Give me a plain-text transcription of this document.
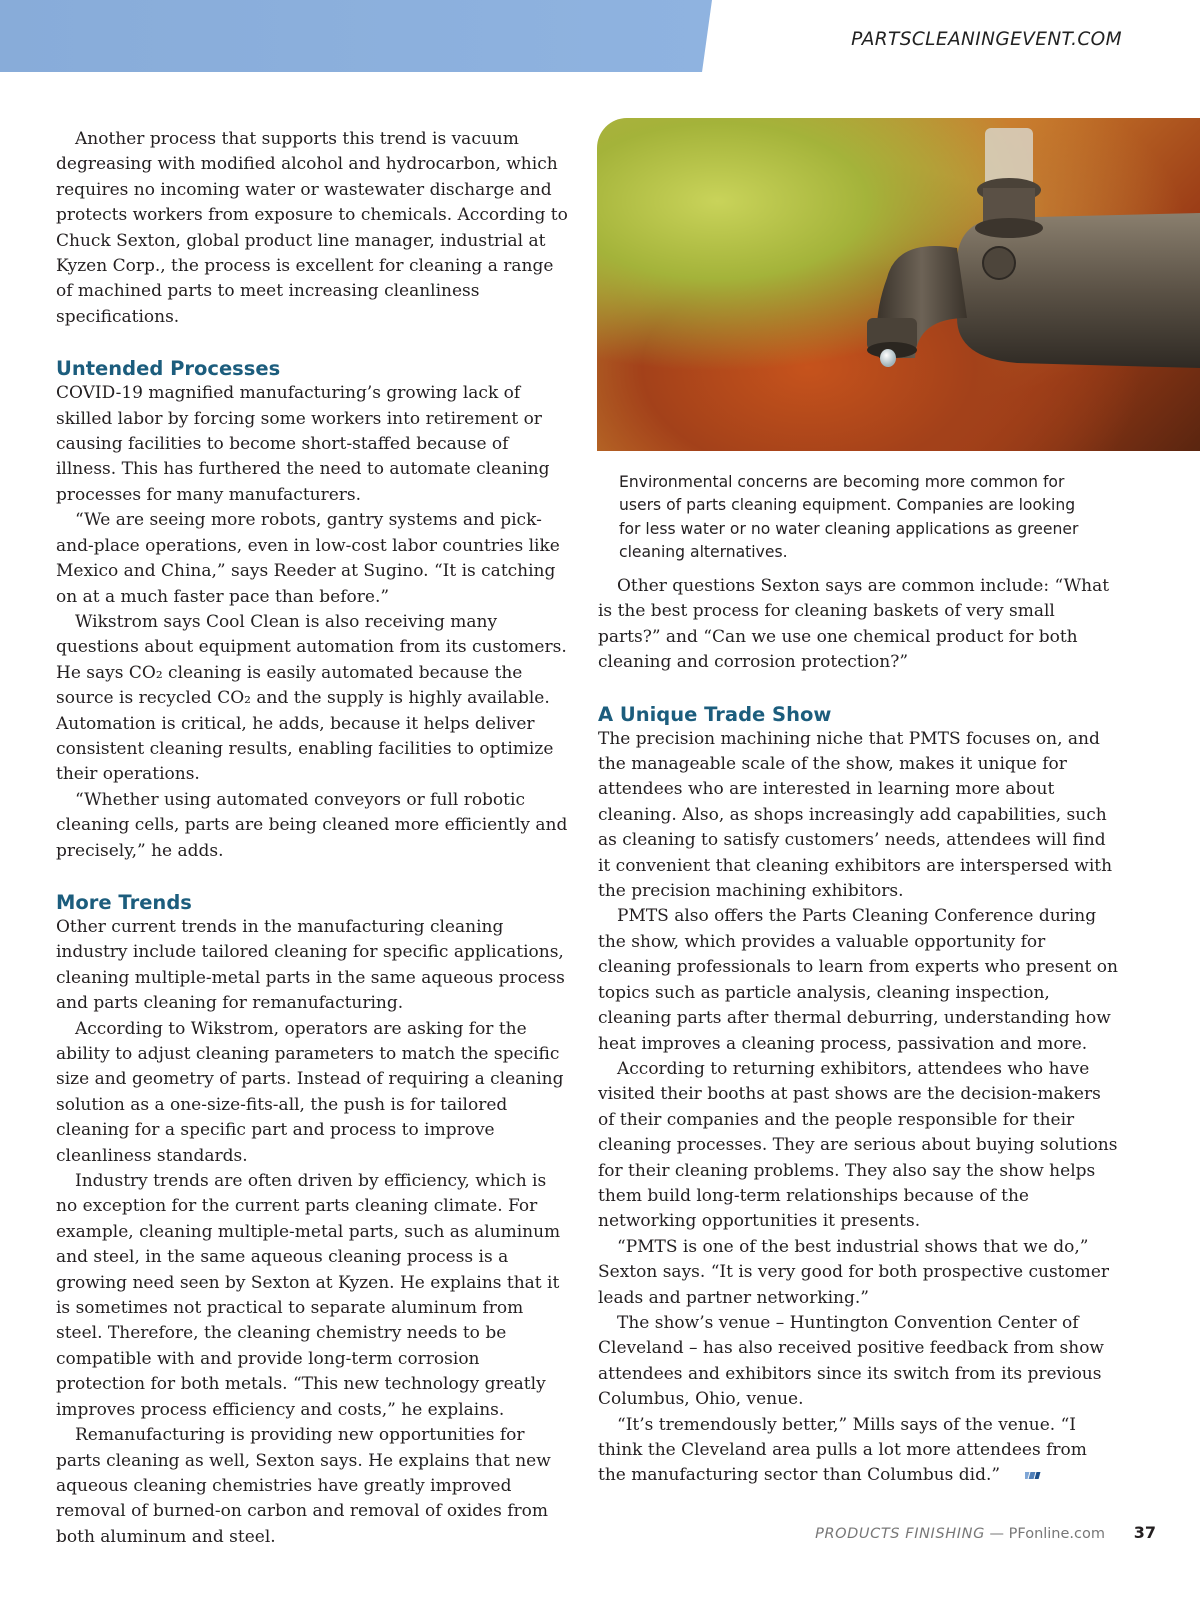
PARTSCLEANINGEVENT.COM

Another process that supports this trend is vacuum degreasing with modified alcohol and hydrocarbon, which requires no incoming water or wastewater discharge and protects workers from exposure to chemicals. According to Chuck Sexton, global product line manager, industrial at Kyzen Corp., the process is excellent for cleaning a range of machined parts to meet increasing cleanliness specifications.

Untended Processes

COVID-19 magnified manufacturing’s growing lack of skilled labor by forcing some workers into retirement or causing facilities to become short-staffed because of illness. This has furthered the need to automate cleaning processes for many manufacturers.

“We are seeing more robots, gantry systems and pick-and-place operations, even in low-cost labor countries like Mexico and China,” says Reeder at Sugino. “It is catching on at a much faster pace than before.”

Wikstrom says Cool Clean is also receiving many questions about equipment automation from its customers. He says CO₂ cleaning is easily automated because the source is recycled CO₂ and the supply is highly available. Automation is critical, he adds, because it helps deliver consistent cleaning results, enabling facilities to optimize their operations.

“Whether using automated conveyors or full robotic cleaning cells, parts are being cleaned more efficiently and precisely,” he adds.

More Trends

Other current trends in the manufacturing cleaning industry include tailored cleaning for specific applications, cleaning multiple-metal parts in the same aqueous process and parts cleaning for remanufacturing.

According to Wikstrom, operators are asking for the ability to adjust cleaning parameters to match the specific size and geometry of parts. Instead of requiring a cleaning solution as a one-size-fits-all, the push is for tailored cleaning for a specific part and process to improve cleanliness standards.

Industry trends are often driven by efficiency, which is no exception for the current parts cleaning climate. For example, cleaning multiple-metal parts, such as aluminum and steel, in the same aqueous cleaning process is a growing need seen by Sexton at Kyzen. He explains that it is sometimes not practical to separate aluminum from steel. Therefore, the cleaning chemistry needs to be compatible with and provide long-term corrosion protection for both metals. “This new technology greatly improves process efficiency and costs,” he explains.

Remanufacturing is providing new opportunities for parts cleaning as well, Sexton says. He explains that new aqueous cleaning chemistries have greatly improved removal of burned-on carbon and removal of oxides from both aluminum and steel.

Environmental concerns are becoming more common for users of parts cleaning equipment. Companies are looking for less water or no water cleaning applications as greener cleaning alternatives.

Other questions Sexton says are common include: “What is the best process for cleaning baskets of very small parts?” and “Can we use one chemical product for both cleaning and corrosion protection?”

A Unique Trade Show

The precision machining niche that PMTS focuses on, and the manageable scale of the show, makes it unique for attendees who are interested in learning more about cleaning. Also, as shops increasingly add capabilities, such as cleaning to satisfy customers’ needs, attendees will find it convenient that cleaning exhibitors are interspersed with the precision machining exhibitors.

PMTS also offers the Parts Cleaning Conference during the show, which provides a valuable opportunity for cleaning professionals to learn from experts who present on topics such as particle analysis, cleaning inspection, cleaning parts after thermal deburring, understanding how heat improves a cleaning process, passivation and more.

According to returning exhibitors, attendees who have visited their booths at past shows are the decision-makers of their companies and the people responsible for their cleaning processes. They are serious about buying solutions for their cleaning problems. They also say the show helps them build long-term relationships because of the networking opportunities it presents.

“PMTS is one of the best industrial shows that we do,” Sexton says. “It is very good for both prospective customer leads and partner networking.”

The show’s venue – Huntington Convention Center of Cleveland – has also received positive feedback from show attendees and exhibitors since its switch from its previous Columbus, Ohio, venue.

“It’s tremendously better,” Mills says of the venue. “I think the Cleveland area pulls a lot more attendees from the manufacturing sector than Columbus did.”

PRODUCTS FINISHING — PFonline.com 37
